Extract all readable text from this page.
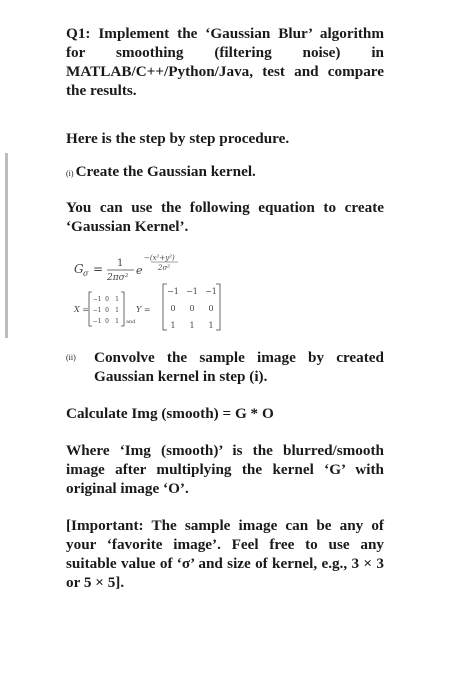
Q1: Implement the ‘Gaussian Blur’ algorithm for smoothing (filtering noise) in MATLAB/C++/Python/Java, test and compare the results.

Here is the step by step procedure.

(i) Create the Gaussian kernel.

You can use the following equation to create ‘Gaussian Kernel’.

G σ = 1
2πσ²
e
−(x²+y²)
2σ²
X =
−1 0 1
−1 0 1
−1 0 1 and
Y =
−1 −1 −1
0 0 0
1 1 1
(ii)	Convolve the sample image by created Gaussian kernel in step (i).

Calculate Img (smooth) = G * O

Where ‘Img (smooth)’ is the blurred/smooth image after multiplying the kernel ‘G’ with original image ‘O’.

[Important: The sample image can be any of your ‘favorite image’. Feel free to use any suitable value of ‘σ’ and size of kernel, e.g., 3 × 3 or 5 × 5].
